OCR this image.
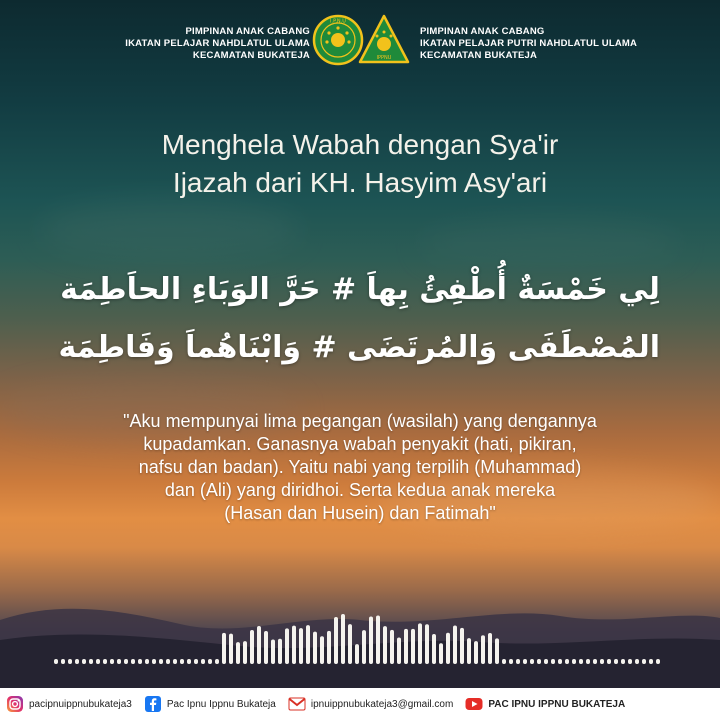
PIMPINAN ANAK CABANG
IKATAN PELAJAR NAHDLATUL ULAMA
KECAMATAN BUKATEJA
I.P.N.U
IPPNU
PIMPINAN ANAK CABANG
IKATAN PELAJAR PUTRI NAHDLATUL ULAMA
KECAMATAN BUKATEJA
Menghela Wabah dengan Sya'ir
Ijazah dari KH. Hasyim Asy'ari
لِي خَمْسَةٌ أُطْفِئُ بِهاَ # حَرَّ الوَبَاءِ الحاَطِمَة
المُصْطَفَى وَالمُرتَضَى # وَابْنَاهُماَ وَفَاطِمَة
"Aku mempunyai lima pegangan (wasilah) yang dengannya
kupadamkan. Ganasnya wabah penyakit (hati, pikiran,
nafsu dan badan). Yaitu nabi yang terpilih (Muhammad)
dan (Ali) yang diridhoi. Serta kedua anak mereka
(Hasan dan Husein) dan Fatimah"
pacipnuippnubukateja3	Pac Ipnu Ippnu Bukateja	ipnuippnubukateja3@gmail.com	PAC IPNU IPPNU BUKATEJA
